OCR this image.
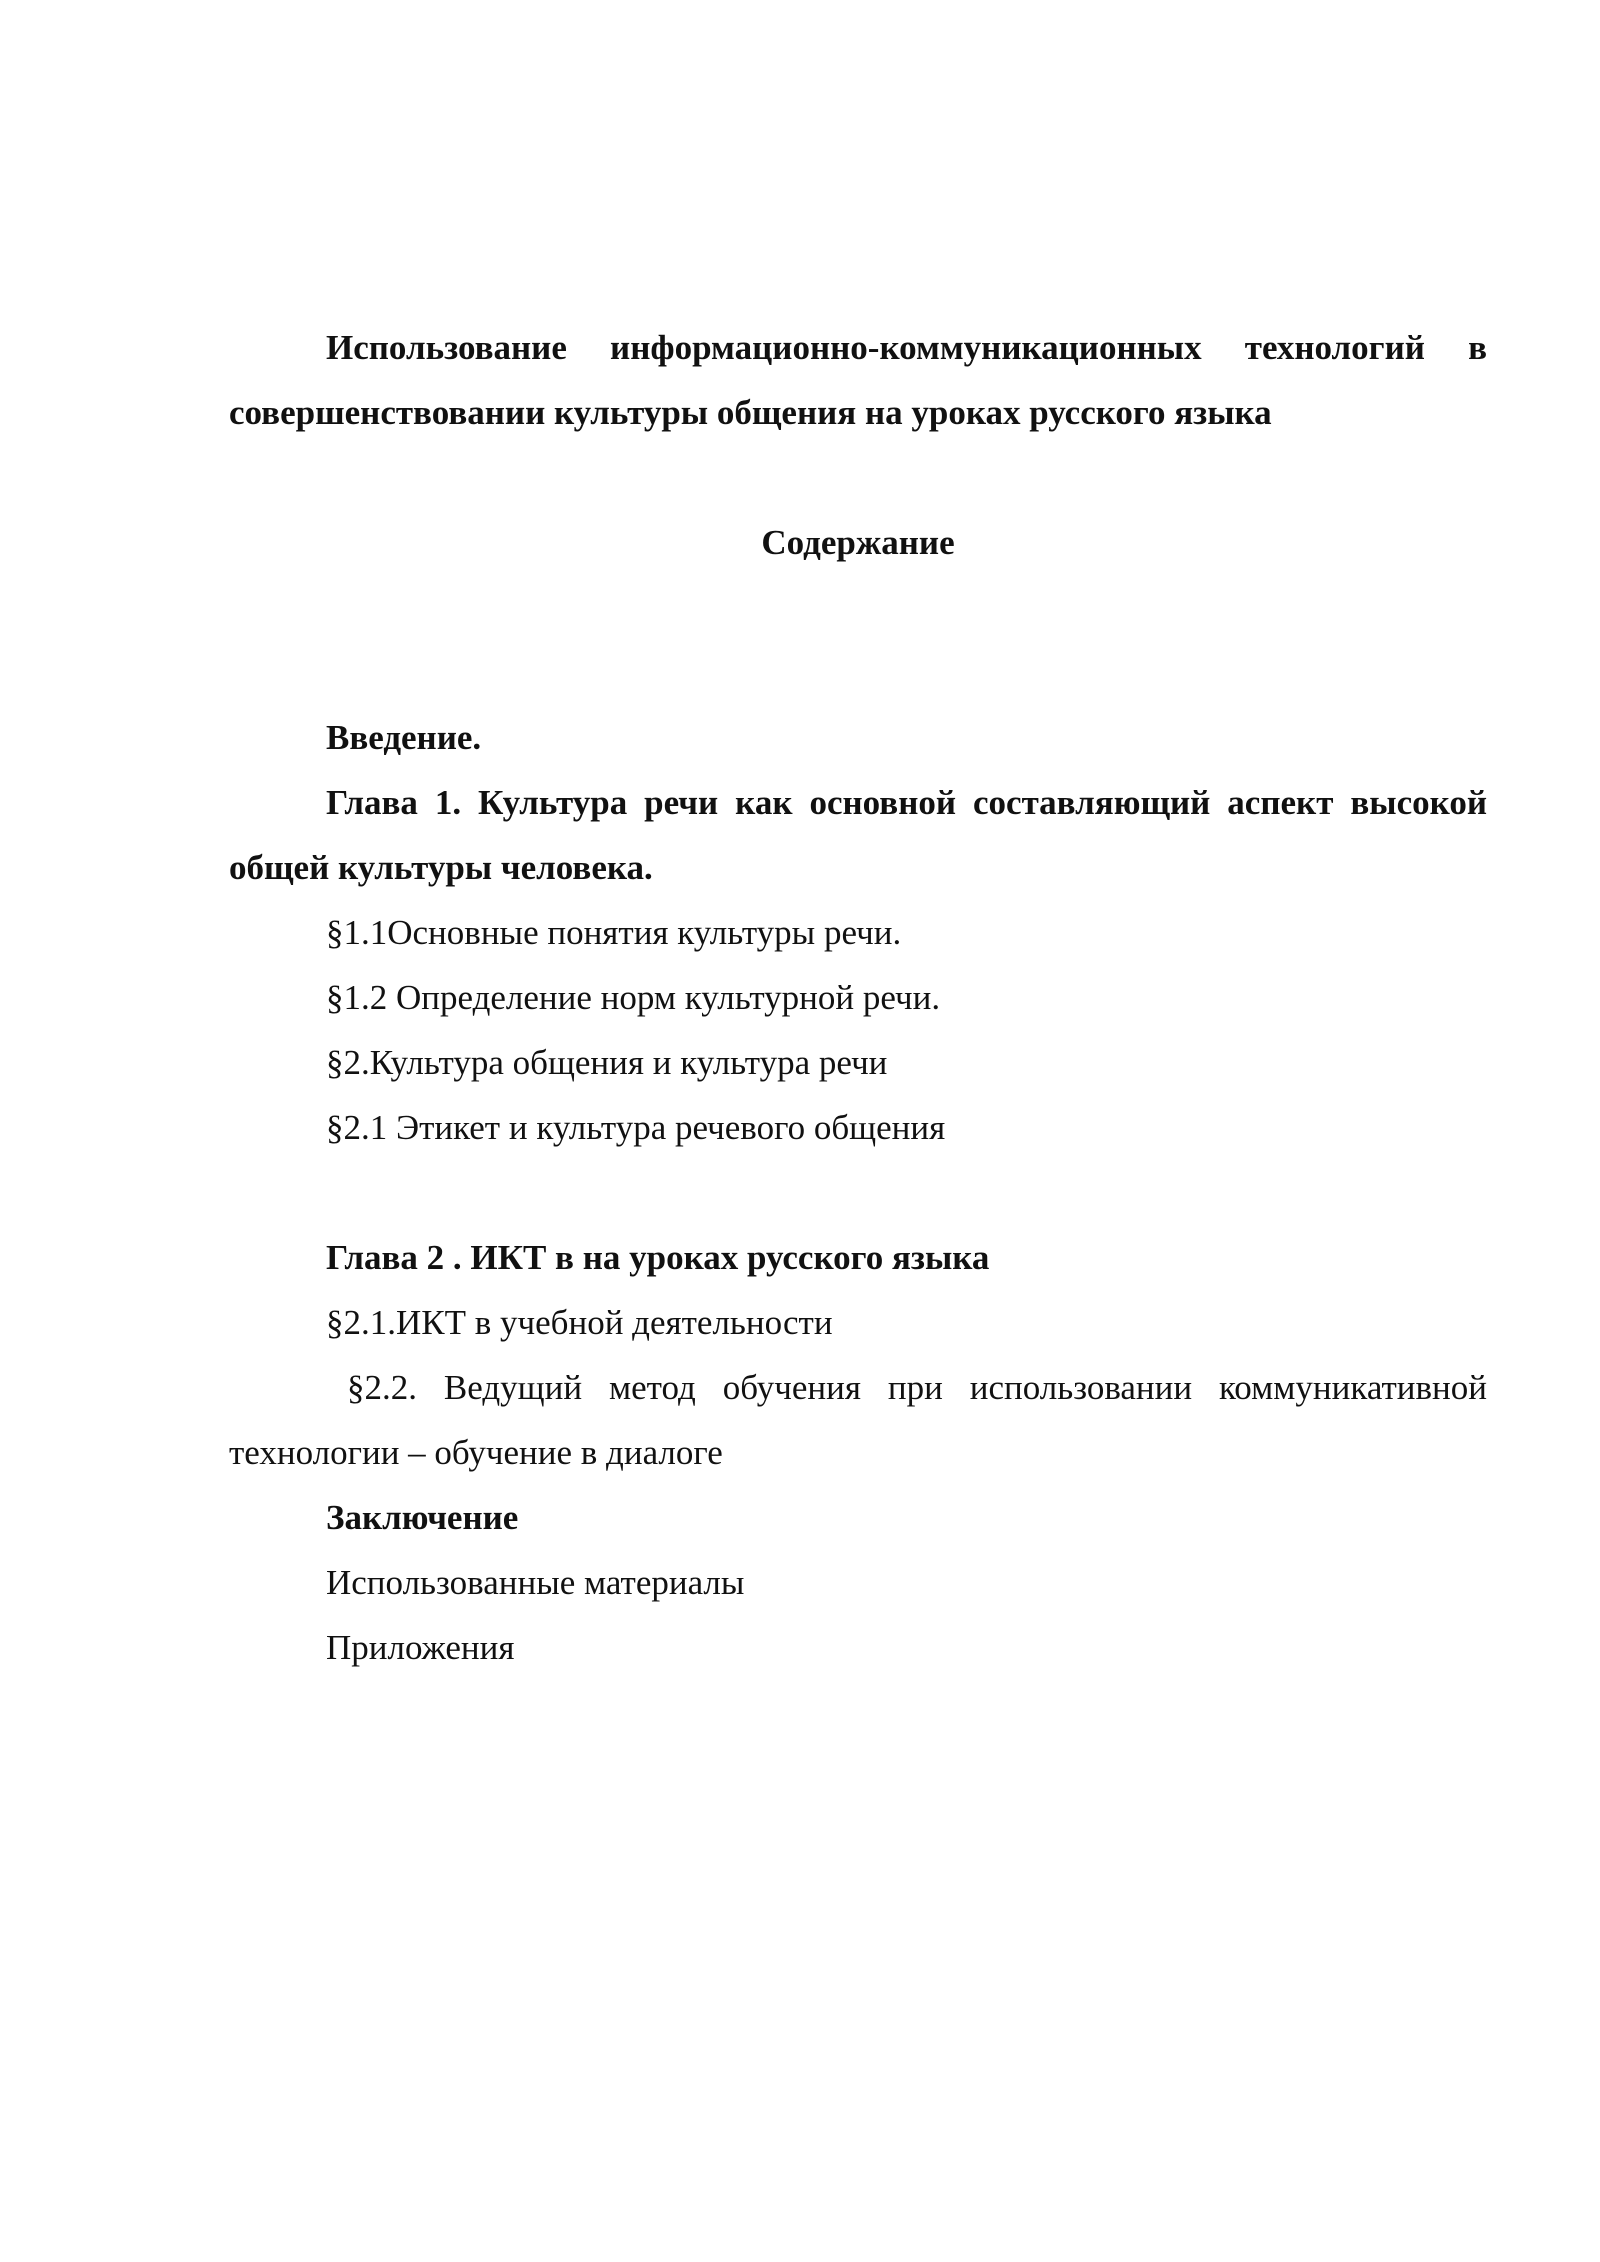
Использование информационно-коммуникационных технологий в совершенствовании культуры общения на уроках русского языка

Содержание

Введение.

Глава 1. Культура речи как основной составляющий аспект высокой общей культуры человека.

§1.1Основные понятия культуры речи.

§1.2 Определение норм культурной речи.

§2.Культура общения и культура речи

§2.1 Этикет и культура речевого общения

Глава 2 . ИКТ в на уроках русского языка

§2.1.ИКТ в учебной деятельности

§2.2. Ведущий метод обучения при использовании коммуникативной технологии – обучение в диалоге

Заключение

Использованные материалы

Приложения
